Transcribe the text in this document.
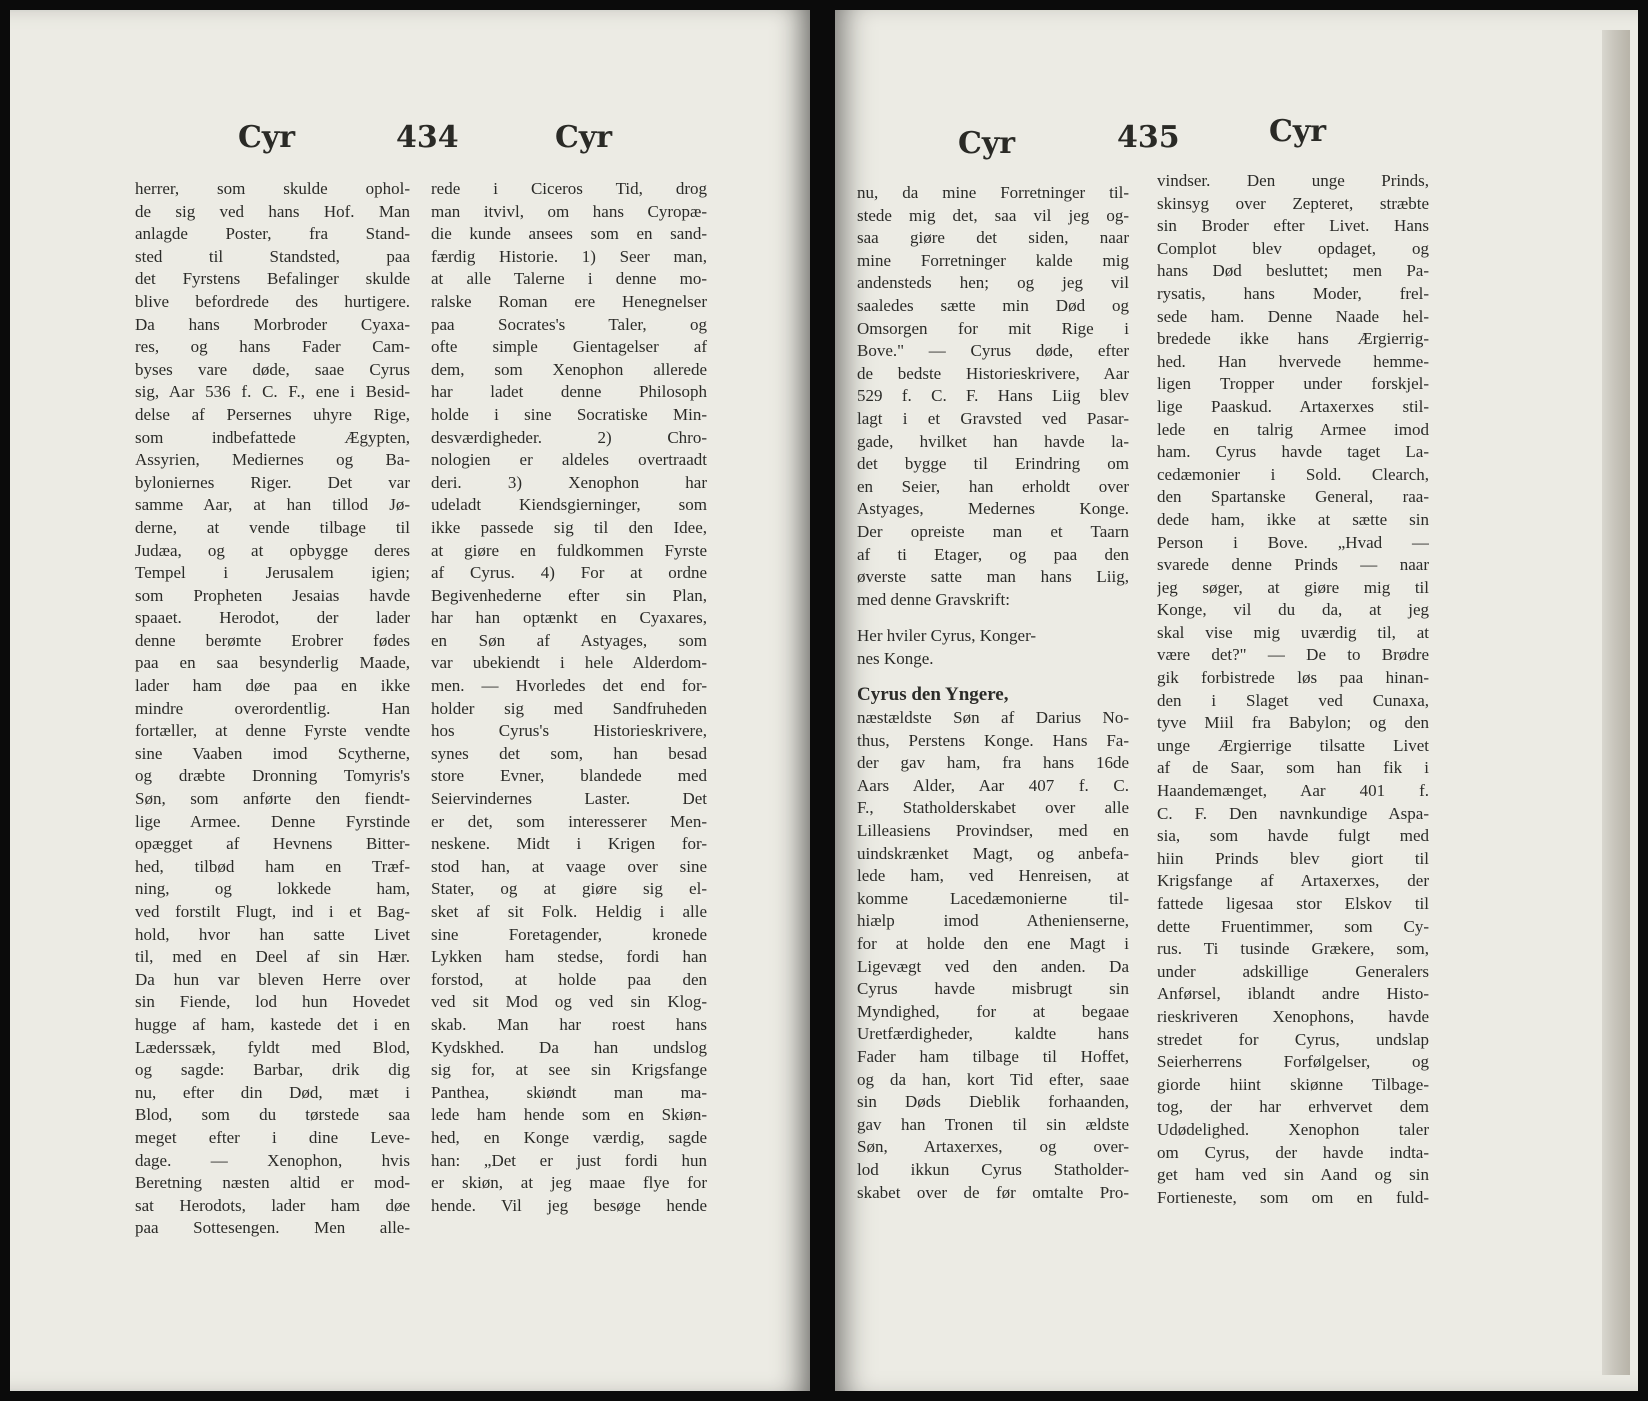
Cyr	434	Cyr
herrer, som skulde ophol-
de sig ved hans Hof. Man
anlagde Poster, fra Stand-
sted til Standsted, paa
det Fyrstens Befalinger skulde
blive befordrede des hurtigere.
Da hans Morbroder Cyaxa-
res, og hans Fader Cam-
byses vare døde, saae Cyrus
sig, Aar 536 f. C. F., ene i Besid-
delse af Persernes uhyre Rige,
som indbefattede Ægypten,
Assyrien, Mediernes og Ba-
byloniernes Riger. Det var
samme Aar, at han tillod Jø-
derne, at vende tilbage til
Judæa, og at opbygge deres
Tempel i Jerusalem igien;
som Propheten Jesaias havde
spaaet. Herodot, der lader
denne berømte Erobrer fødes
paa en saa besynderlig Maade,
lader ham døe paa en ikke
mindre overordentlig. Han
fortæller, at denne Fyrste vendte
sine Vaaben imod Scytherne,
og dræbte Dronning Tomyris's
Søn, som anførte den fiendt-
lige Armee. Denne Fyrstinde
opægget af Hevnens Bitter-
hed, tilbød ham en Træf-
ning, og lokkede ham,
ved forstilt Flugt, ind i et Bag-
hold, hvor han satte Livet
til, med en Deel af sin Hær.
Da hun var bleven Herre over
sin Fiende, lod hun Hovedet
hugge af ham, kastede det i en
Læderssæk, fyldt med Blod,
og sagde: Barbar, drik dig
nu, efter din Død, mæt i
Blod, som du tørstede saa
meget efter i dine Leve-
dage. — Xenophon, hvis
Beretning næsten altid er mod-
sat Herodots, lader ham døe
paa Sottesengen. Men alle-
rede i Ciceros Tid, drog
man itvivl, om hans Cyropæ-
die kunde ansees som en sand-
færdig Historie. 1) Seer man,
at alle Talerne i denne mo-
ralske Roman ere Henegnelser
paa Socrates's Taler, og
ofte simple Gientagelser af
dem, som Xenophon allerede
har ladet denne Philosoph
holde i sine Socratiske Min-
desværdigheder. 2) Chro-
nologien er aldeles overtraadt
deri. 3) Xenophon har
udeladt Kiendsgierninger, som
ikke passede sig til den Idee,
at giøre en fuldkommen Fyrste
af Cyrus. 4) For at ordne
Begivenhederne efter sin Plan,
har han optænkt en Cyaxares,
en Søn af Astyages, som
var ubekiendt i hele Alderdom-
men. — Hvorledes det end for-
holder sig med Sandfruheden
hos Cyrus's Historieskrivere,
synes det som, han besad
store Evner, blandede med
Seiervindernes Laster. Det
er det, som interesserer Men-
neskene. Midt i Krigen for-
stod han, at vaage over sine
Stater, og at giøre sig el-
sket af sit Folk. Heldig i alle
sine Foretagender, kronede
Lykken ham stedse, fordi han
forstod, at holde paa den
ved sit Mod og ved sin Klog-
skab. Man har roest hans
Kydskhed. Da han undslog
sig for, at see sin Krigsfange
Panthea, skiøndt man ma-
lede ham hende som en Skiøn-
hed, en Konge værdig, sagde
han: „Det er just fordi hun
er skiøn, at jeg maae flye for
hende. Vil jeg besøge hende
Cyr	435	Cyr
nu, da mine Forretninger til-
stede mig det, saa vil jeg og-
saa giøre det siden, naar
mine Forretninger kalde mig
andensteds hen; og jeg vil
saaledes sætte min Død og
Omsorgen for mit Rige i
Bove." — Cyrus døde, efter
de bedste Historieskrivere, Aar
529 f. C. F. Hans Liig blev
lagt i et Gravsted ved Pasar-
gade, hvilket han havde la-
det bygge til Erindring om
en Seier, han erholdt over
Astyages, Medernes Konge.
Der opreiste man et Taarn
af ti Etager, og paa den
øverste satte man hans Liig,
med denne Gravskrift:
Her hviler Cyrus, Konger-
nes Konge.
Cyrus den Yngere,
næstældste Søn af Darius No-
thus, Perstens Konge. Hans Fa-
der gav ham, fra hans 16de
Aars Alder, Aar 407 f. C.
F., Statholderskabet over alle
Lilleasiens Provindser, med en
uindskrænket Magt, og anbefa-
lede ham, ved Henreisen, at
komme Lacedæmonierne til-
hiælp imod Athenienserne,
for at holde den ene Magt i
Ligevægt ved den anden. Da
Cyrus havde misbrugt sin
Myndighed, for at begaae
Uretfærdigheder, kaldte hans
Fader ham tilbage til Hoffet,
og da han, kort Tid efter, saae
sin Døds Dieblik forhaanden,
gav han Tronen til sin ældste
Søn, Artaxerxes, og over-
lod ikkun Cyrus Statholder-
skabet over de før omtalte Pro-
vindser. Den unge Prinds,
skinsyg over Zepteret, stræbte
sin Broder efter Livet. Hans
Complot blev opdaget, og
hans Død besluttet; men Pa-
rysatis, hans Moder, frel-
sede ham. Denne Naade hel-
bredede ikke hans Ærgierrig-
hed. Han hvervede hemme-
ligen Tropper under forskjel-
lige Paaskud. Artaxerxes stil-
lede en talrig Armee imod
ham. Cyrus havde taget La-
cedæmonier i Sold. Clearch,
den Spartanske General, raa-
dede ham, ikke at sætte sin
Person i Bove. „Hvad —
svarede denne Prinds — naar
jeg søger, at giøre mig til
Konge, vil du da, at jeg
skal vise mig uværdig til, at
være det?" — De to Brødre
gik forbistrede løs paa hinan-
den i Slaget ved Cunaxa,
tyve Miil fra Babylon; og den
unge Ærgierrige tilsatte Livet
af de Saar, som han fik i
Haandemænget, Aar 401 f.
C. F. Den navnkundige Aspa-
sia, som havde fulgt med
hiin Prinds blev giort til
Krigsfange af Artaxerxes, der
fattede ligesaa stor Elskov til
dette Fruentimmer, som Cy-
rus. Ti tusinde Grækere, som,
under adskillige Generalers
Anførsel, iblandt andre Histo-
rieskriveren Xenophons, havde
stredet for Cyrus, undslap
Seierherrens Forfølgelser, og
giorde hiint skiønne Tilbage-
tog, der har erhvervet dem
Udødelighed. Xenophon taler
om Cyrus, der havde indta-
get ham ved sin Aand og sin
Fortieneste, som om en fuld-
